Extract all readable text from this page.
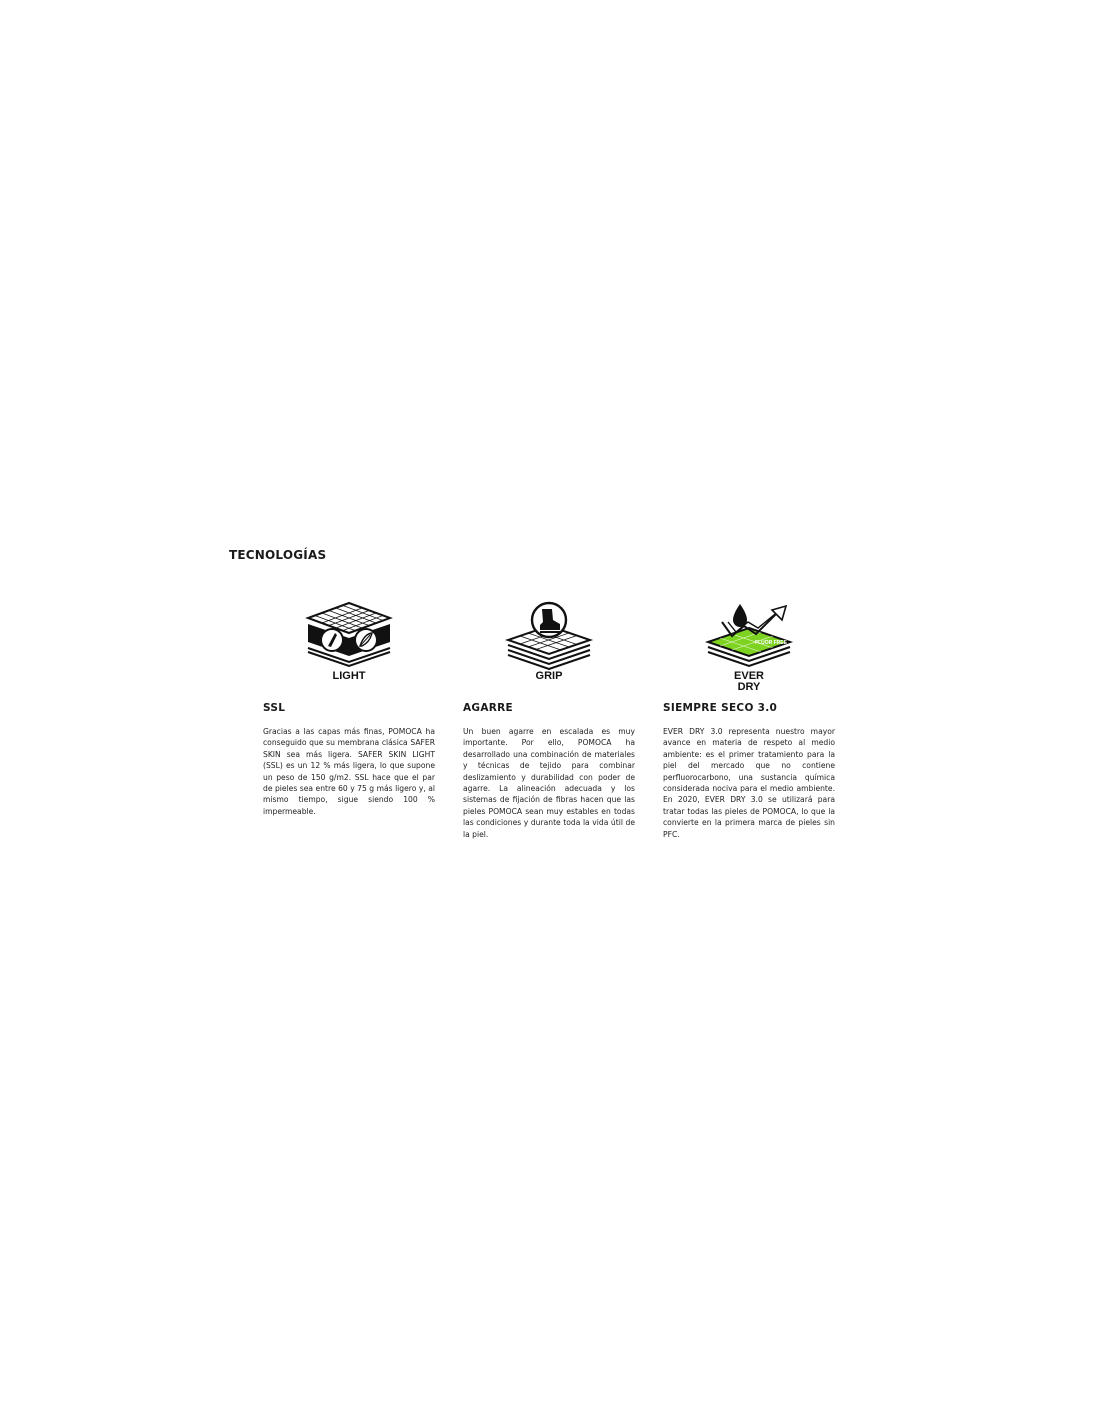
TECNOLOGÍAS
LIGHT
SSL
Gracias a las capas más finas, POMOCA ha conseguido que su membrana clásica SAFER SKIN sea más ligera. SAFER SKIN LIGHT (SSL) es un 12 % más ligera, lo que supone un peso de 150 g/m2. SSL hace que el par de pieles sea entre 60 y 75 g más ligero y, al mismo tiempo, sigue siendo 100 % impermeable.
GRIP
AGARRE
Un buen agarre en escalada es muy importante. Por ello, POMOCA ha desarrollado una combinación de materiales y técnicas de tejido para combinar deslizamiento y durabilidad con poder de agarre. La alineación adecuada y los sistemas de fijación de fibras hacen que las pieles POMOCA sean muy estables en todas las condiciones y durante toda la vida útil de la piel.
FLUOR FREE
EVER
DRY
SIEMPRE SECO 3.0
EVER DRY 3.0 representa nuestro mayor avance en materia de respeto al medio ambiente: es el primer tratamiento para la piel del mercado que no contiene perfluorocarbono, una sustancia química considerada nociva para el medio ambiente. En 2020, EVER DRY 3.0 se utilizará para tratar todas las pieles de POMOCA, lo que la convierte en la primera marca de pieles sin PFC.
